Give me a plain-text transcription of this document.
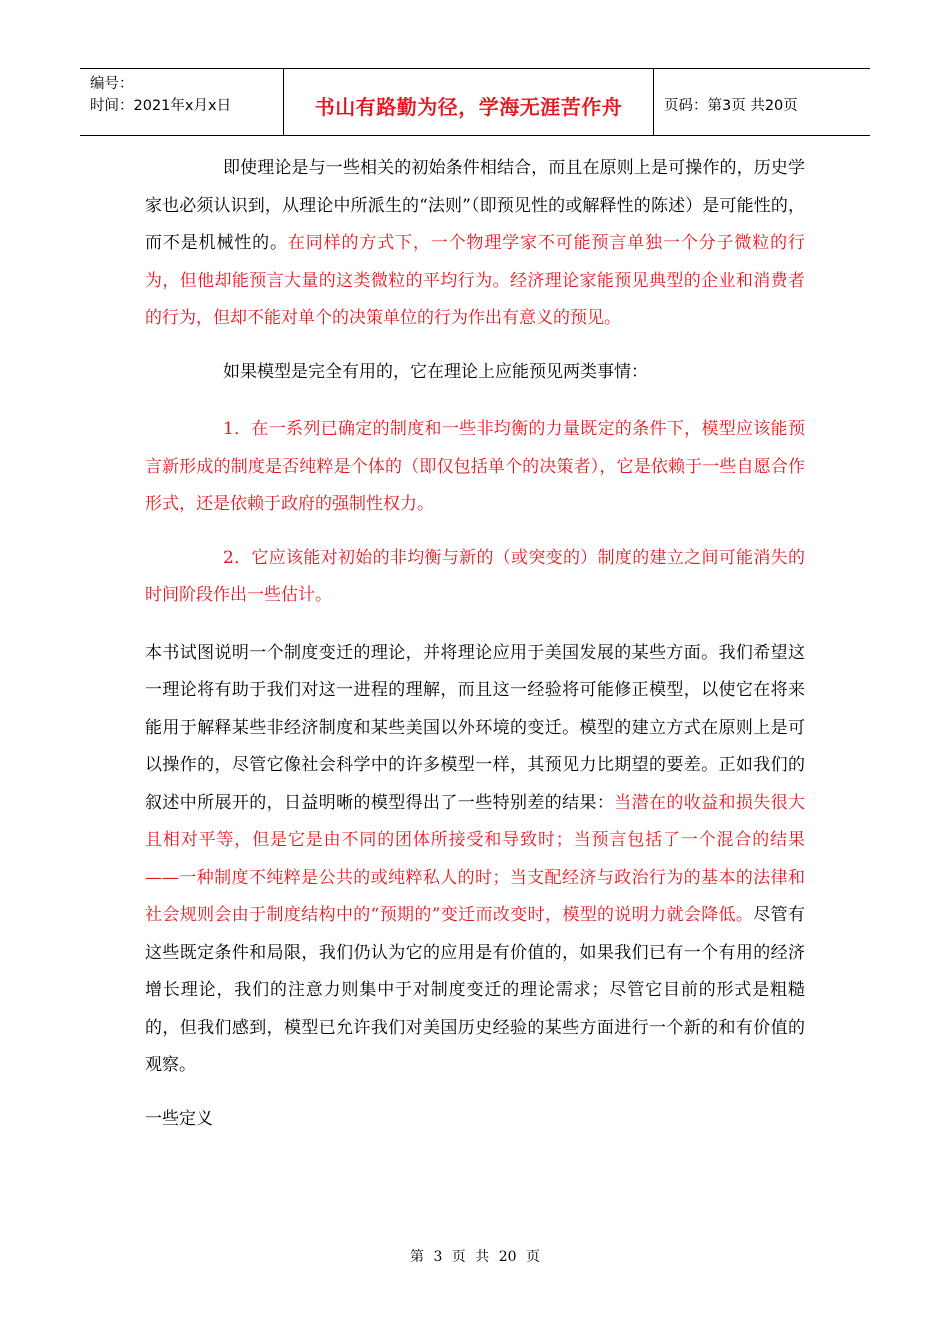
编号：
时间：2021年x月x日	书山有路勤为径，学海无涯苦作舟	页码：第3页 共20页

即使理论是与一些相关的初始条件相结合，而且在原则上是可操作的，历史学家也必须认识到，从理论中所派生的“法则”（即预见性的或解释性的陈述）是可能性的，而不是机械性的。在同样的方式下，一个物理学家不可能预言单独一个分子微粒的行为，但他却能预言大量的这类微粒的平均行为。经济理论家能预见典型的企业和消费者的行为，但却不能对单个的决策单位的行为作出有意义的预见。

如果模型是完全有用的，它在理论上应能预见两类事情：

1．在一系列已确定的制度和一些非均衡的力量既定的条件下，模型应该能预言新形成的制度是否纯粹是个体的（即仅包括单个的决策者），它是依赖于一些自愿合作形式，还是依赖于政府的强制性权力。

2．它应该能对初始的非均衡与新的（或突变的）制度的建立之间可能消失的时间阶段作出一些估计。

本书试图说明一个制度变迁的理论，并将理论应用于美国发展的某些方面。我们希望这一理论将有助于我们对这一进程的理解，而且这一经验将可能修正模型，以使它在将来能用于解释某些非经济制度和某些美国以外环境的变迁。模型的建立方式在原则上是可以操作的，尽管它像社会科学中的许多模型一样，其预见力比期望的要差。正如我们的叙述中所展开的，日益明晰的模型得出了一些特别差的结果：当潜在的收益和损失很大且相对平等，但是它是由不同的团体所接受和导致时；当预言包括了一个混合的结果——一种制度不纯粹是公共的或纯粹私人的时；当支配经济与政治行为的基本的法律和社会规则会由于制度结构中的“预期的”变迁而改变时，模型的说明力就会降低。尽管有这些既定条件和局限，我们仍认为它的应用是有价值的，如果我们已有一个有用的经济增长理论，我们的注意力则集中于对制度变迁的理论需求；尽管它目前的形式是粗糙的，但我们感到，模型已允许我们对美国历史经验的某些方面进行一个新的和有价值的观察。

一些定义

第 3 页 共 20 页
